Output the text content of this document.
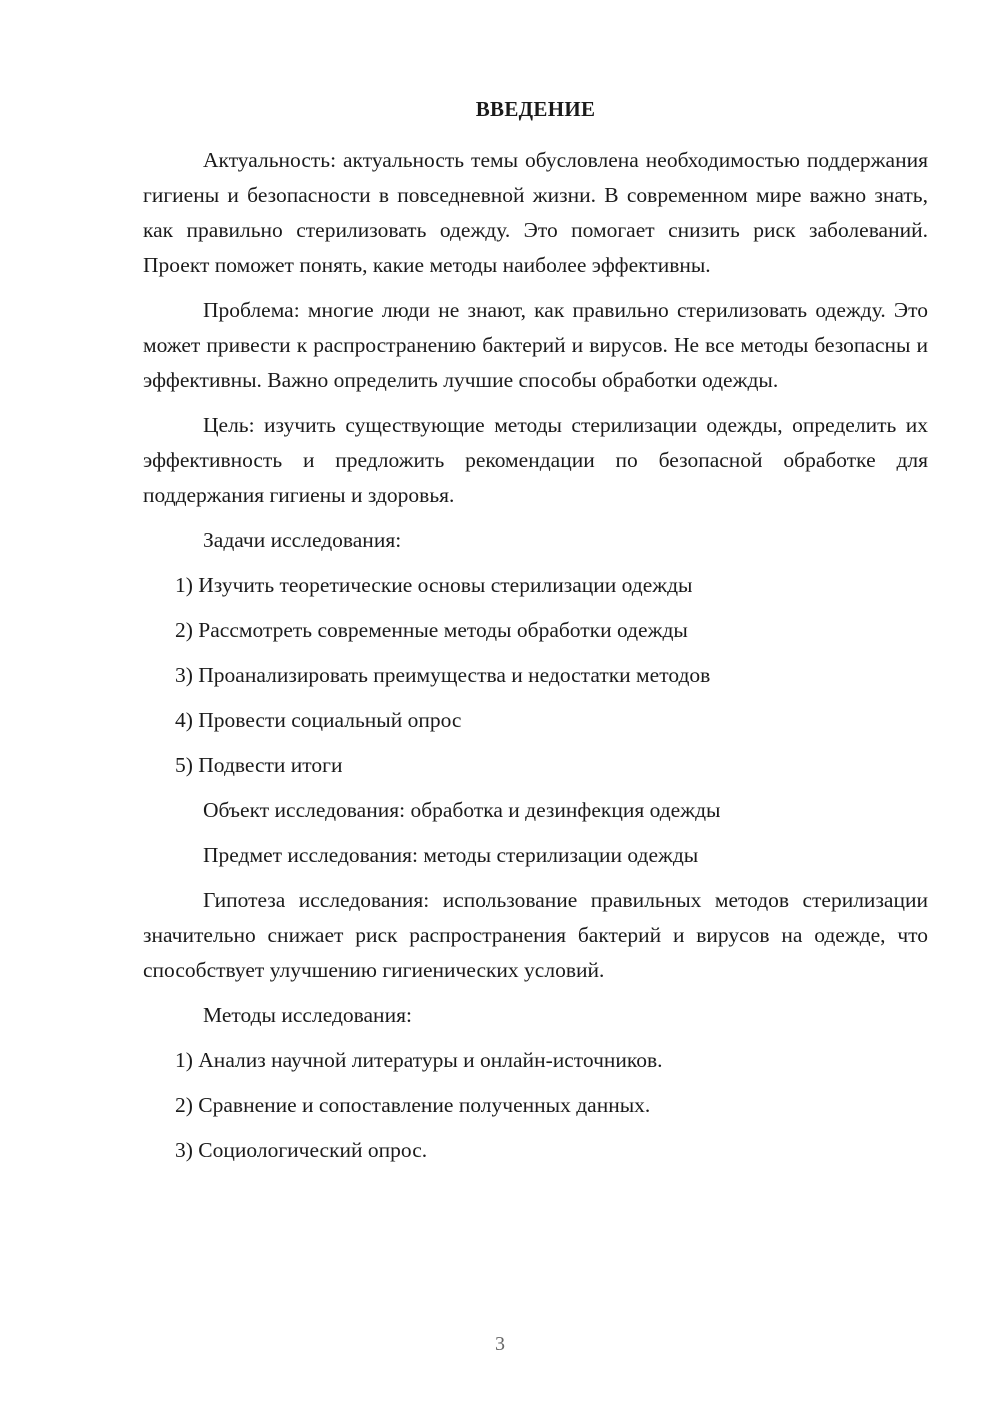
ВВЕДЕНИЕ

Актуальность: актуальность темы обусловлена необходимостью поддержания гигиены и безопасности в повседневной жизни. В современном мире важно знать, как правильно стерилизовать одежду. Это помогает снизить риск заболеваний. Проект поможет понять, какие методы наиболее эффективны.

Проблема: многие люди не знают, как правильно стерилизовать одежду. Это может привести к распространению бактерий и вирусов. Не все методы безопасны и эффективны. Важно определить лучшие способы обработки одежды.

Цель: изучить существующие методы стерилизации одежды, определить их эффективность и предложить рекомендации по безопасной обработке для поддержания гигиены и здоровья.

Задачи исследования:
1) Изучить теоретические основы стерилизации одежды
2) Рассмотреть современные методы обработки одежды
3) Проанализировать преимущества и недостатки методов
4) Провести социальный опрос
5) Подвести итоги
Объект исследования: обработка и дезинфекция одежды
Предмет исследования: методы стерилизации одежды

Гипотеза исследования: использование правильных методов стерилизации значительно снижает риск распространения бактерий и вирусов на одежде, что способствует улучшению гигиенических условий.

Методы исследования:
1) Анализ научной литературы и онлайн-источников.
2) Сравнение и сопоставление полученных данных.
3) Социологический опрос.
3
